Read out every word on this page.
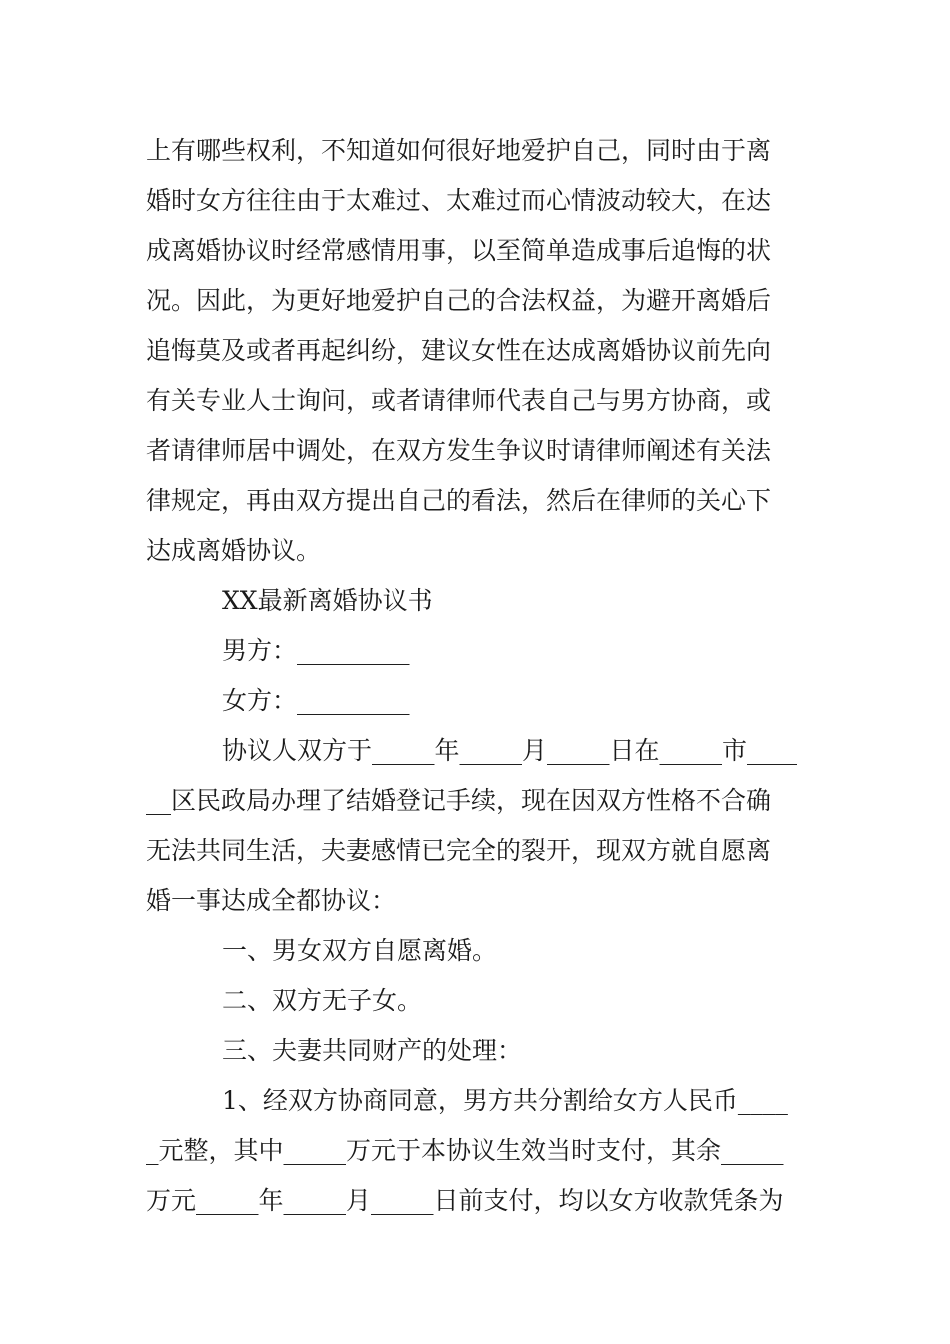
上有哪些权利，不知道如何很好地爱护自己，同时由于离
婚时女方往往由于太难过、太难过而心情波动较大，在达
成离婚协议时经常感情用事，以至简单造成事后追悔的状
况。因此，为更好地爱护自己的合法权益，为避开离婚后
追悔莫及或者再起纠纷，建议女性在达成离婚协议前先向
有关专业人士询问，或者请律师代表自己与男方协商，或
者请律师居中调处，在双方发生争议时请律师阐述有关法
律规定，再由双方提出自己的看法，然后在律师的关心下
达成离婚协议。
XX最新离婚协议书
男方：_________
女方：_________
协议人双方于_____年_____月_____日在_____市____
__区民政局办理了结婚登记手续，现在因双方性格不合确
无法共同生活，夫妻感情已完全的裂开，现双方就自愿离
婚一事达成全都协议：
一、男女双方自愿离婚。
二、双方无子女。
三、夫妻共同财产的处理：
1、经双方协商同意，男方共分割给女方人民币____
_元整，其中_____万元于本协议生效当时支付，其余_____
万元_____年_____月_____日前支付，均以女方收款凭条为
